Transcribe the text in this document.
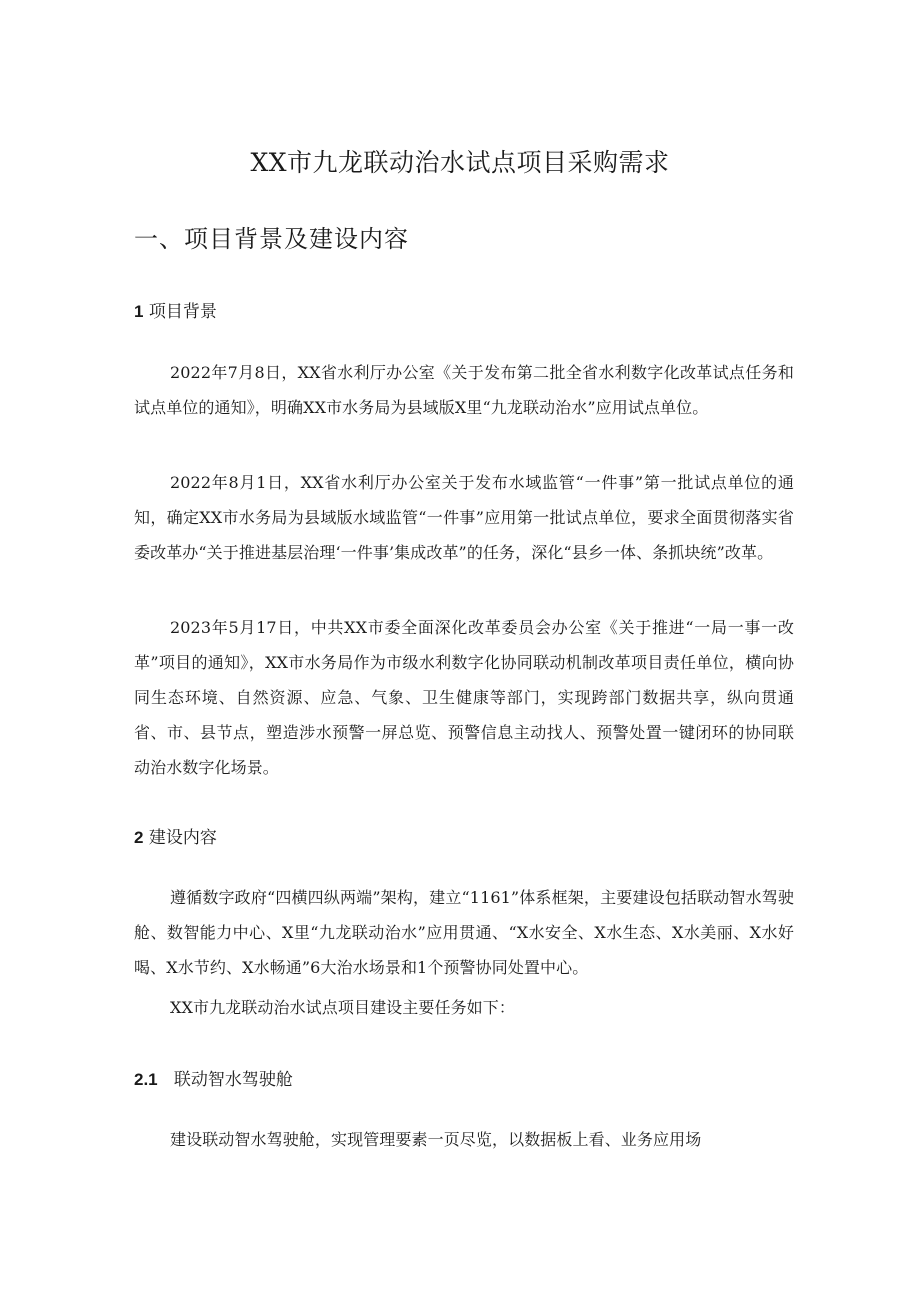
XX市九龙联动治水试点项目采购需求
一、项目背景及建设内容
1 项目背景

2022年7月8日，XX省水利厅办公室《关于发布第二批全省水利数字化改革试点任务和试点单位的通知》，明确XX市水务局为县域版X里“九龙联动治水”应用试点单位。

2022年8月1日，XX省水利厅办公室关于发布水域监管“一件事”第一批试点单位的通知，确定XX市水务局为县域版水域监管“一件事”应用第一批试点单位，要求全面贯彻落实省委改革办“关于推进基层治理‘一件事’集成改革”的任务，深化“县乡一体、条抓块统”改革。

2023年5月17日，中共XX市委全面深化改革委员会办公室《关于推进“一局一事一改革”项目的通知》，XX市水务局作为市级水利数字化协同联动机制改革项目责任单位，横向协同生态环境、自然资源、应急、气象、卫生健康等部门，实现跨部门数据共享，纵向贯通省、市、县节点，塑造涉水预警一屏总览、预警信息主动找人、预警处置一键闭环的协同联动治水数字化场景。

2 建设内容

遵循数字政府“四横四纵两端”架构，建立“1161”体系框架，主要建设包括联动智水驾驶舱、数智能力中心、X里“九龙联动治水”应用贯通、“X水安全、X水生态、X水美丽、X水好喝、X水节约、X水畅通”6大治水场景和1个预警协同处置中心。

XX市九龙联动治水试点项目建设主要任务如下：

2.1 联动智水驾驶舱

建设联动智水驾驶舱，实现管理要素一页尽览，以数据板上看、业务应用场
